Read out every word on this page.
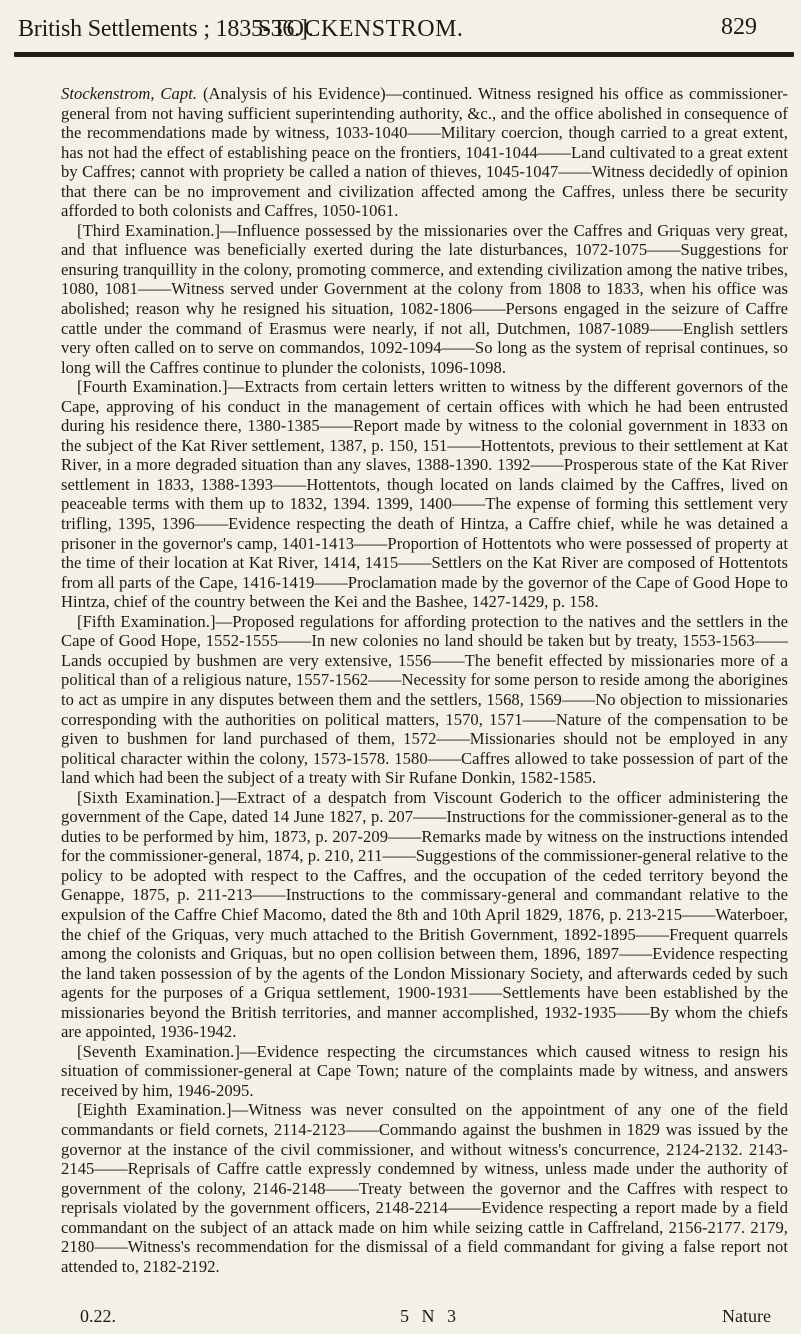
British Settlements ; 1835-36.].
STOCKENSTROM.	829

Stockenstrom, Capt. (Analysis of his Evidence)—continued. Witness resigned his office as commissioner-general from not having sufficient superintending authority, &c., and the office abolished in consequence of the recommendations made by witness, 1033-1040——Military coercion, though carried to a great extent, has not had the effect of establishing peace on the frontiers, 1041-1044——Land cultivated to a great extent by Caffres; cannot with propriety be called a nation of thieves, 1045-1047——Witness decidedly of opinion that there can be no improvement and civilization affected among the Caffres, unless there be security afforded to both colonists and Caffres, 1050-1061.

[Third Examination.]—Influence possessed by the missionaries over the Caffres and Griquas very great, and that influence was beneficially exerted during the late disturbances, 1072-1075——Suggestions for ensuring tranquillity in the colony, promoting commerce, and extending civilization among the native tribes, 1080, 1081——Witness served under Government at the colony from 1808 to 1833, when his office was abolished; reason why he resigned his situation, 1082-1806——Persons engaged in the seizure of Caffre cattle under the command of Erasmus were nearly, if not all, Dutchmen, 1087-1089——English settlers very often called on to serve on commandos, 1092-1094——So long as the system of reprisal continues, so long will the Caffres continue to plunder the colonists, 1096-1098.

[Fourth Examination.]—Extracts from certain letters written to witness by the different governors of the Cape, approving of his conduct in the management of certain offices with which he had been entrusted during his residence there, 1380-1385——Report made by witness to the colonial government in 1833 on the subject of the Kat River settlement, 1387, p. 150, 151——Hottentots, previous to their settlement at Kat River, in a more degraded situation than any slaves, 1388-1390. 1392——Prosperous state of the Kat River settlement in 1833, 1388-1393——Hottentots, though located on lands claimed by the Caffres, lived on peaceable terms with them up to 1832, 1394. 1399, 1400——The expense of forming this settlement very trifling, 1395, 1396——Evidence respecting the death of Hintza, a Caffre chief, while he was detained a prisoner in the governor's camp, 1401-1413——Proportion of Hottentots who were possessed of property at the time of their location at Kat River, 1414, 1415——Settlers on the Kat River are composed of Hottentots from all parts of the Cape, 1416-1419——Proclamation made by the governor of the Cape of Good Hope to Hintza, chief of the country between the Kei and the Bashee, 1427-1429, p. 158.

[Fifth Examination.]—Proposed regulations for affording protection to the natives and the settlers in the Cape of Good Hope, 1552-1555——In new colonies no land should be taken but by treaty, 1553-1563——Lands occupied by bushmen are very extensive, 1556——The benefit effected by missionaries more of a political than of a religious nature, 1557-1562——Necessity for some person to reside among the aborigines to act as umpire in any disputes between them and the settlers, 1568, 1569——No objection to missionaries corresponding with the authorities on political matters, 1570, 1571——Nature of the compensation to be given to bushmen for land purchased of them, 1572——Missionaries should not be employed in any political character within the colony, 1573-1578. 1580——Caffres allowed to take possession of part of the land which had been the subject of a treaty with Sir Rufane Donkin, 1582-1585.

[Sixth Examination.]—Extract of a despatch from Viscount Goderich to the officer administering the government of the Cape, dated 14 June 1827, p. 207——Instructions for the commissioner-general as to the duties to be performed by him, 1873, p. 207-209——Remarks made by witness on the instructions intended for the commissioner-general, 1874, p. 210, 211——Suggestions of the commissioner-general relative to the policy to be adopted with respect to the Caffres, and the occupation of the ceded territory beyond the Genappe, 1875, p. 211-213——Instructions to the commissary-general and commandant relative to the expulsion of the Caffre Chief Macomo, dated the 8th and 10th April 1829, 1876, p. 213-215——Waterboer, the chief of the Griquas, very much attached to the British Government, 1892-1895——Frequent quarrels among the colonists and Griquas, but no open collision between them, 1896, 1897——Evidence respecting the land taken possession of by the agents of the London Missionary Society, and afterwards ceded by such agents for the purposes of a Griqua settlement, 1900-1931——Settlements have been established by the missionaries beyond the British territories, and manner accomplished, 1932-1935——By whom the chiefs are appointed, 1936-1942.

[Seventh Examination.]—Evidence respecting the circumstances which caused witness to resign his situation of commissioner-general at Cape Town; nature of the complaints made by witness, and answers received by him, 1946-2095.

[Eighth Examination.]—Witness was never consulted on the appointment of any one of the field commandants or field cornets, 2114-2123——Commando against the bushmen in 1829 was issued by the governor at the instance of the civil commissioner, and without witness's concurrence, 2124-2132. 2143-2145——Reprisals of Caffre cattle expressly condemned by witness, unless made under the authority of government of the colony, 2146-2148——Treaty between the governor and the Caffres with respect to reprisals violated by the government officers, 2148-2214——Evidence respecting a report made by a field commandant on the subject of an attack made on him while seizing cattle in Caffreland, 2156-2177. 2179, 2180——Witness's recommendation for the dismissal of a field commandant for giving a false report not attended to, 2182-2192.

0.22.	5 N 3	Nature
